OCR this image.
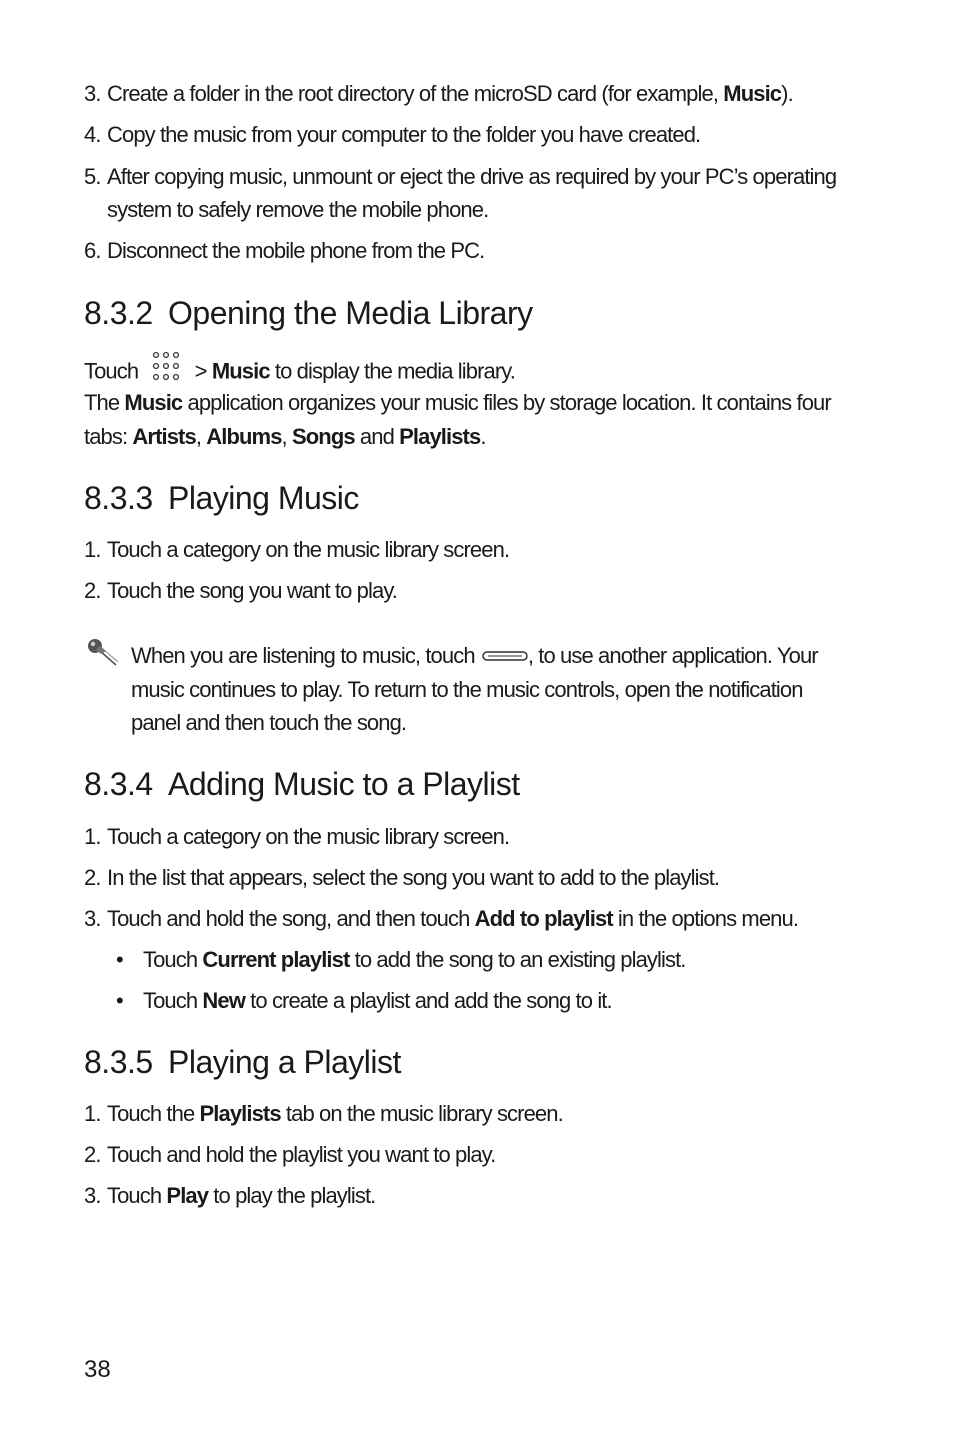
3. Create a folder in the root directory of the microSD card (for example, Music).
4. Copy the music from your computer to the folder you have created.
5. After copying music, unmount or eject the drive as required by your PC’s operating
system to safely remove the mobile phone.
6. Disconnect the mobile phone from the PC.
8.3.2 Opening the Media Library
Touch  > Music to display the media library.
The Music application organizes your music files by storage location. It contains four
tabs: Artists, Albums, Songs and Playlists.
8.3.3 Playing Music
1. Touch a category on the music library screen.
2. Touch the song you want to play.
When you are listening to music, touch , to use another application. Your
music continues to play. To return to the music controls, open the notification
panel and then touch the song.
8.3.4 Adding Music to a Playlist
1. Touch a category on the music library screen.
2. In the list that appears, select the song you want to add to the playlist.
3. Touch and hold the song, and then touch Add to playlist in the options menu.
• Touch Current playlist to add the song to an existing playlist.
• Touch New to create a playlist and add the song to it.
8.3.5 Playing a Playlist
1. Touch the Playlists tab on the music library screen.
2. Touch and hold the playlist you want to play.
3. Touch Play to play the playlist.
38
